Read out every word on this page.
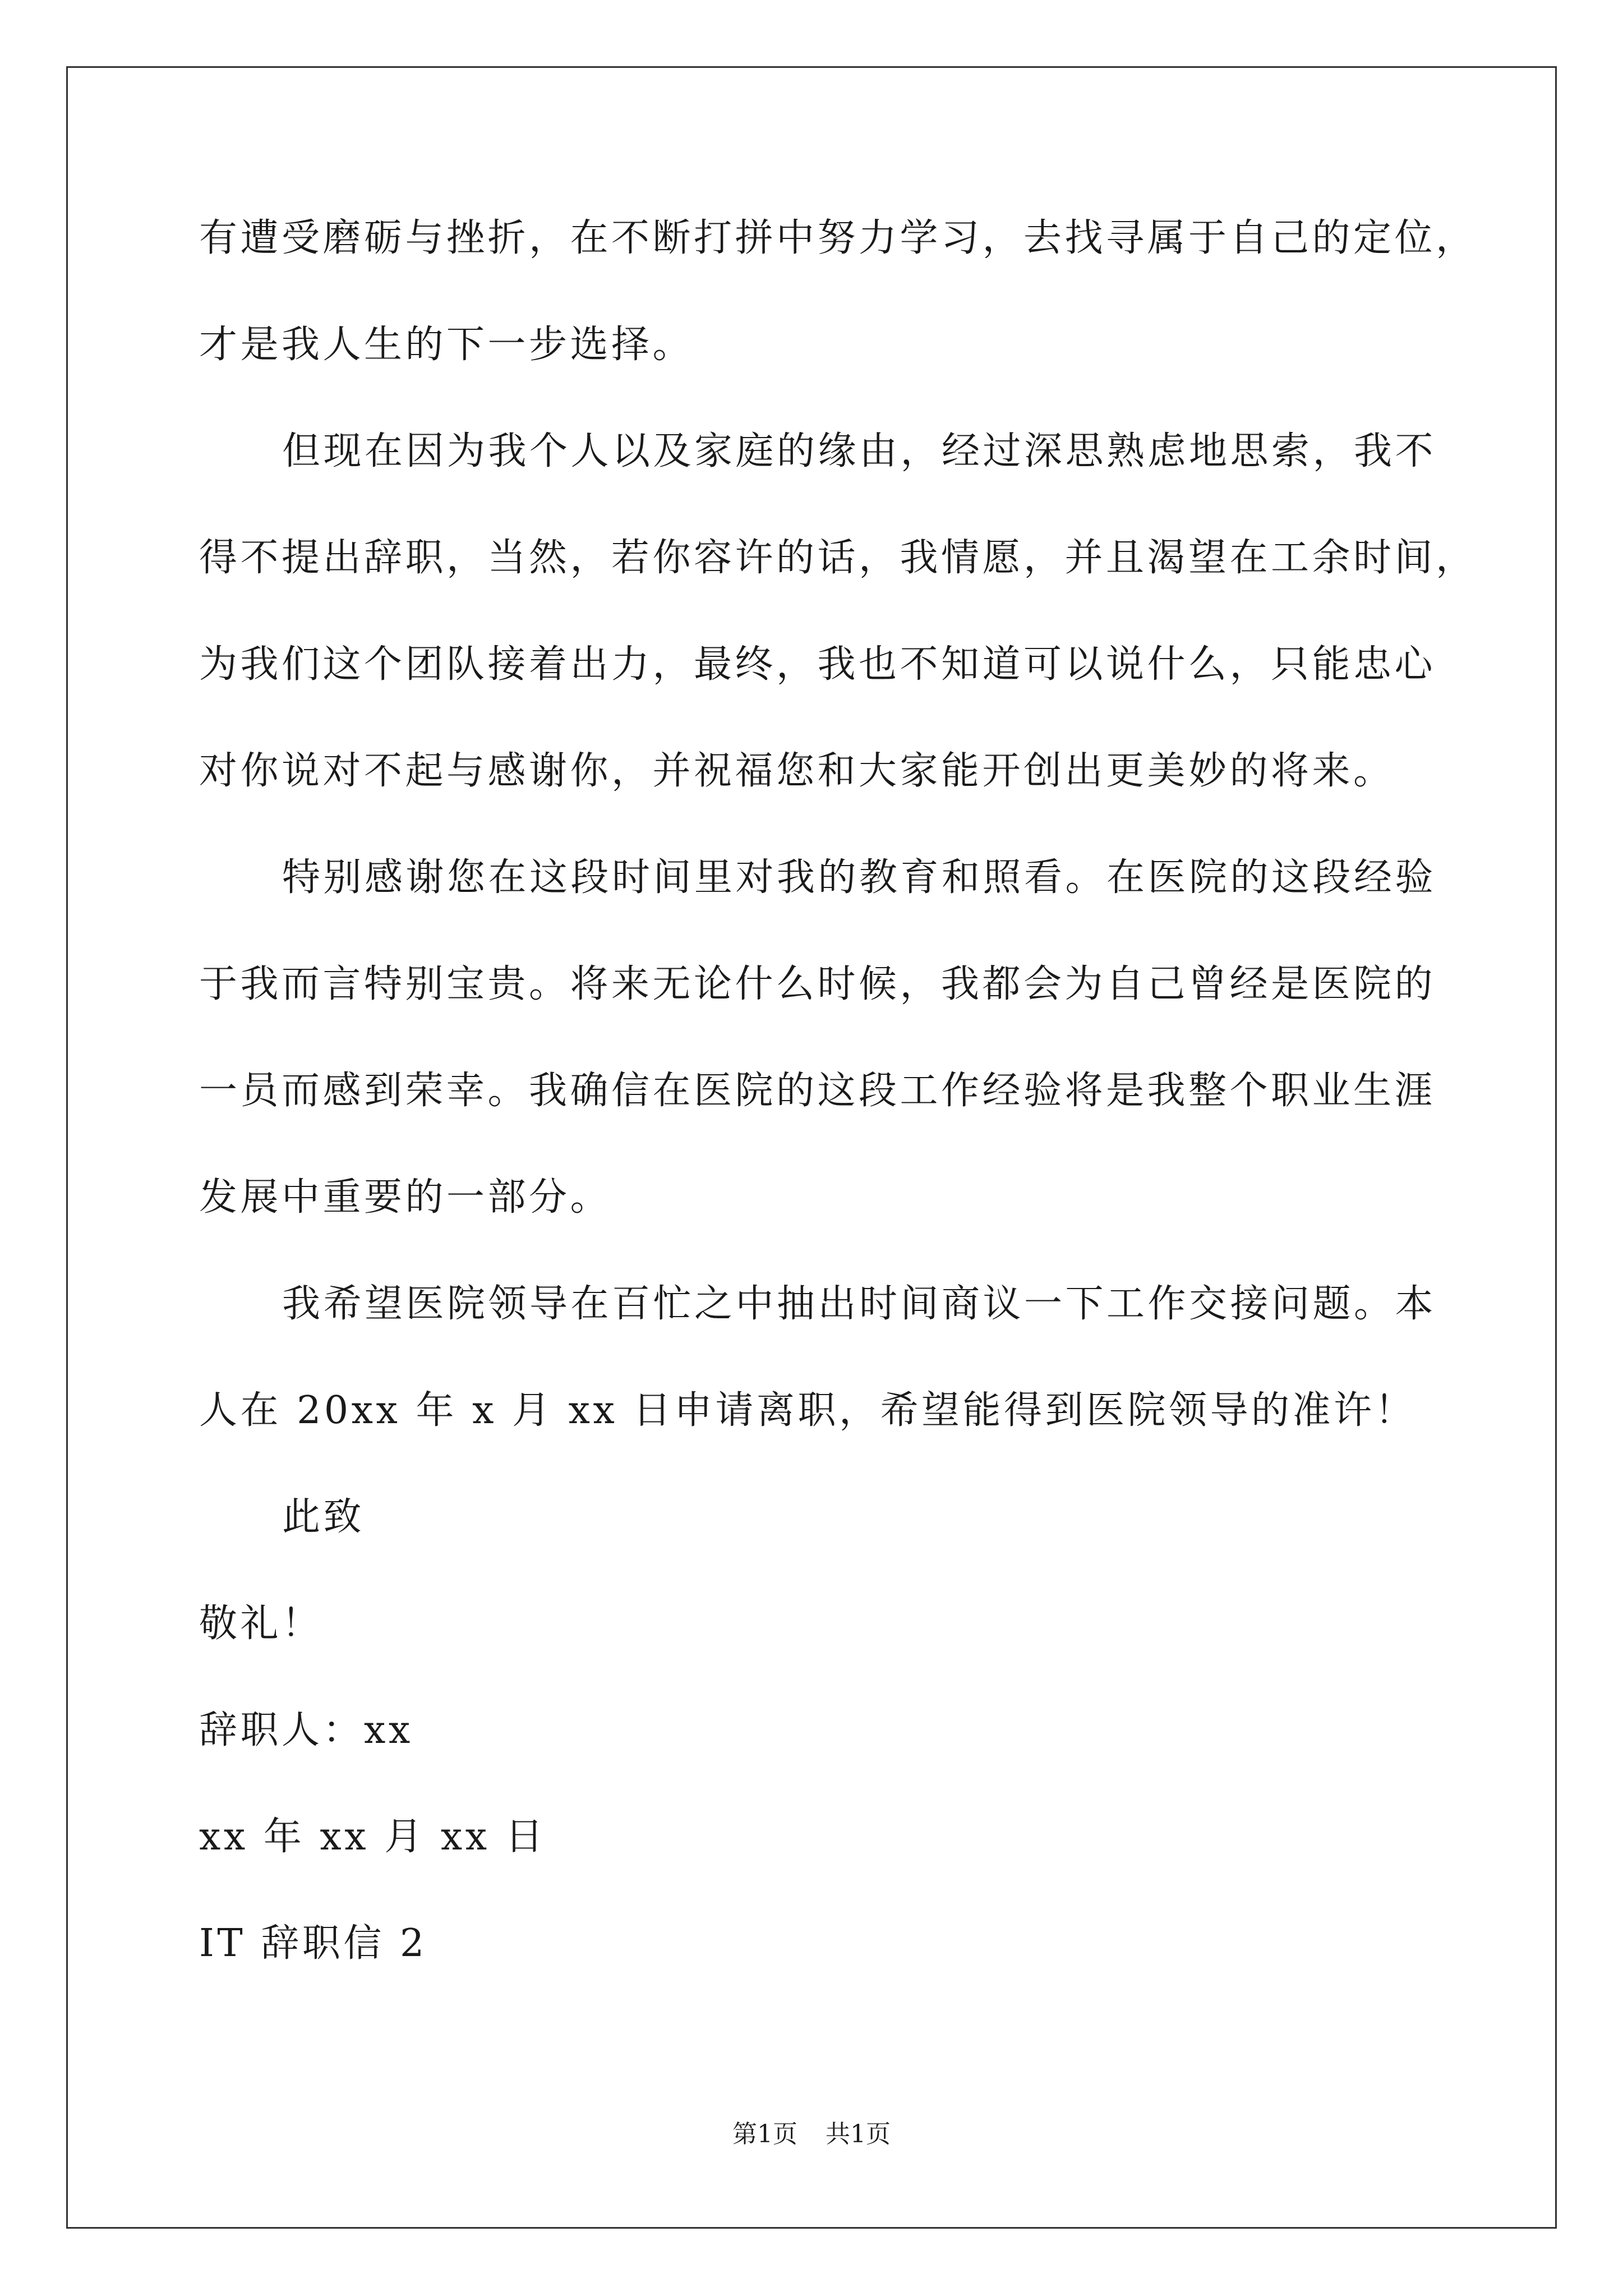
有遭受磨砺与挫折，在不断打拼中努力学习，去找寻属于自己的定位，
才是我人生的下一步选择。
但现在因为我个人以及家庭的缘由，经过深思熟虑地思索，我不
得不提出辞职，当然，若你容许的话，我情愿，并且渴望在工余时间，
为我们这个团队接着出力，最终，我也不知道可以说什么，只能忠心
对你说对不起与感谢你，并祝福您和大家能开创出更美妙的将来。
特别感谢您在这段时间里对我的教育和照看。在医院的这段经验
于我而言特别宝贵。将来无论什么时候，我都会为自己曾经是医院的
一员而感到荣幸。我确信在医院的这段工作经验将是我整个职业生涯
发展中重要的一部分。
我希望医院领导在百忙之中抽出时间商议一下工作交接问题。本
人在 20xx 年 x 月 xx 日申请离职，希望能得到医院领导的准许！
此致
敬礼！
辞职人：xx
xx 年 xx 月 xx 日
IT 辞职信 2
第1页 共1页
